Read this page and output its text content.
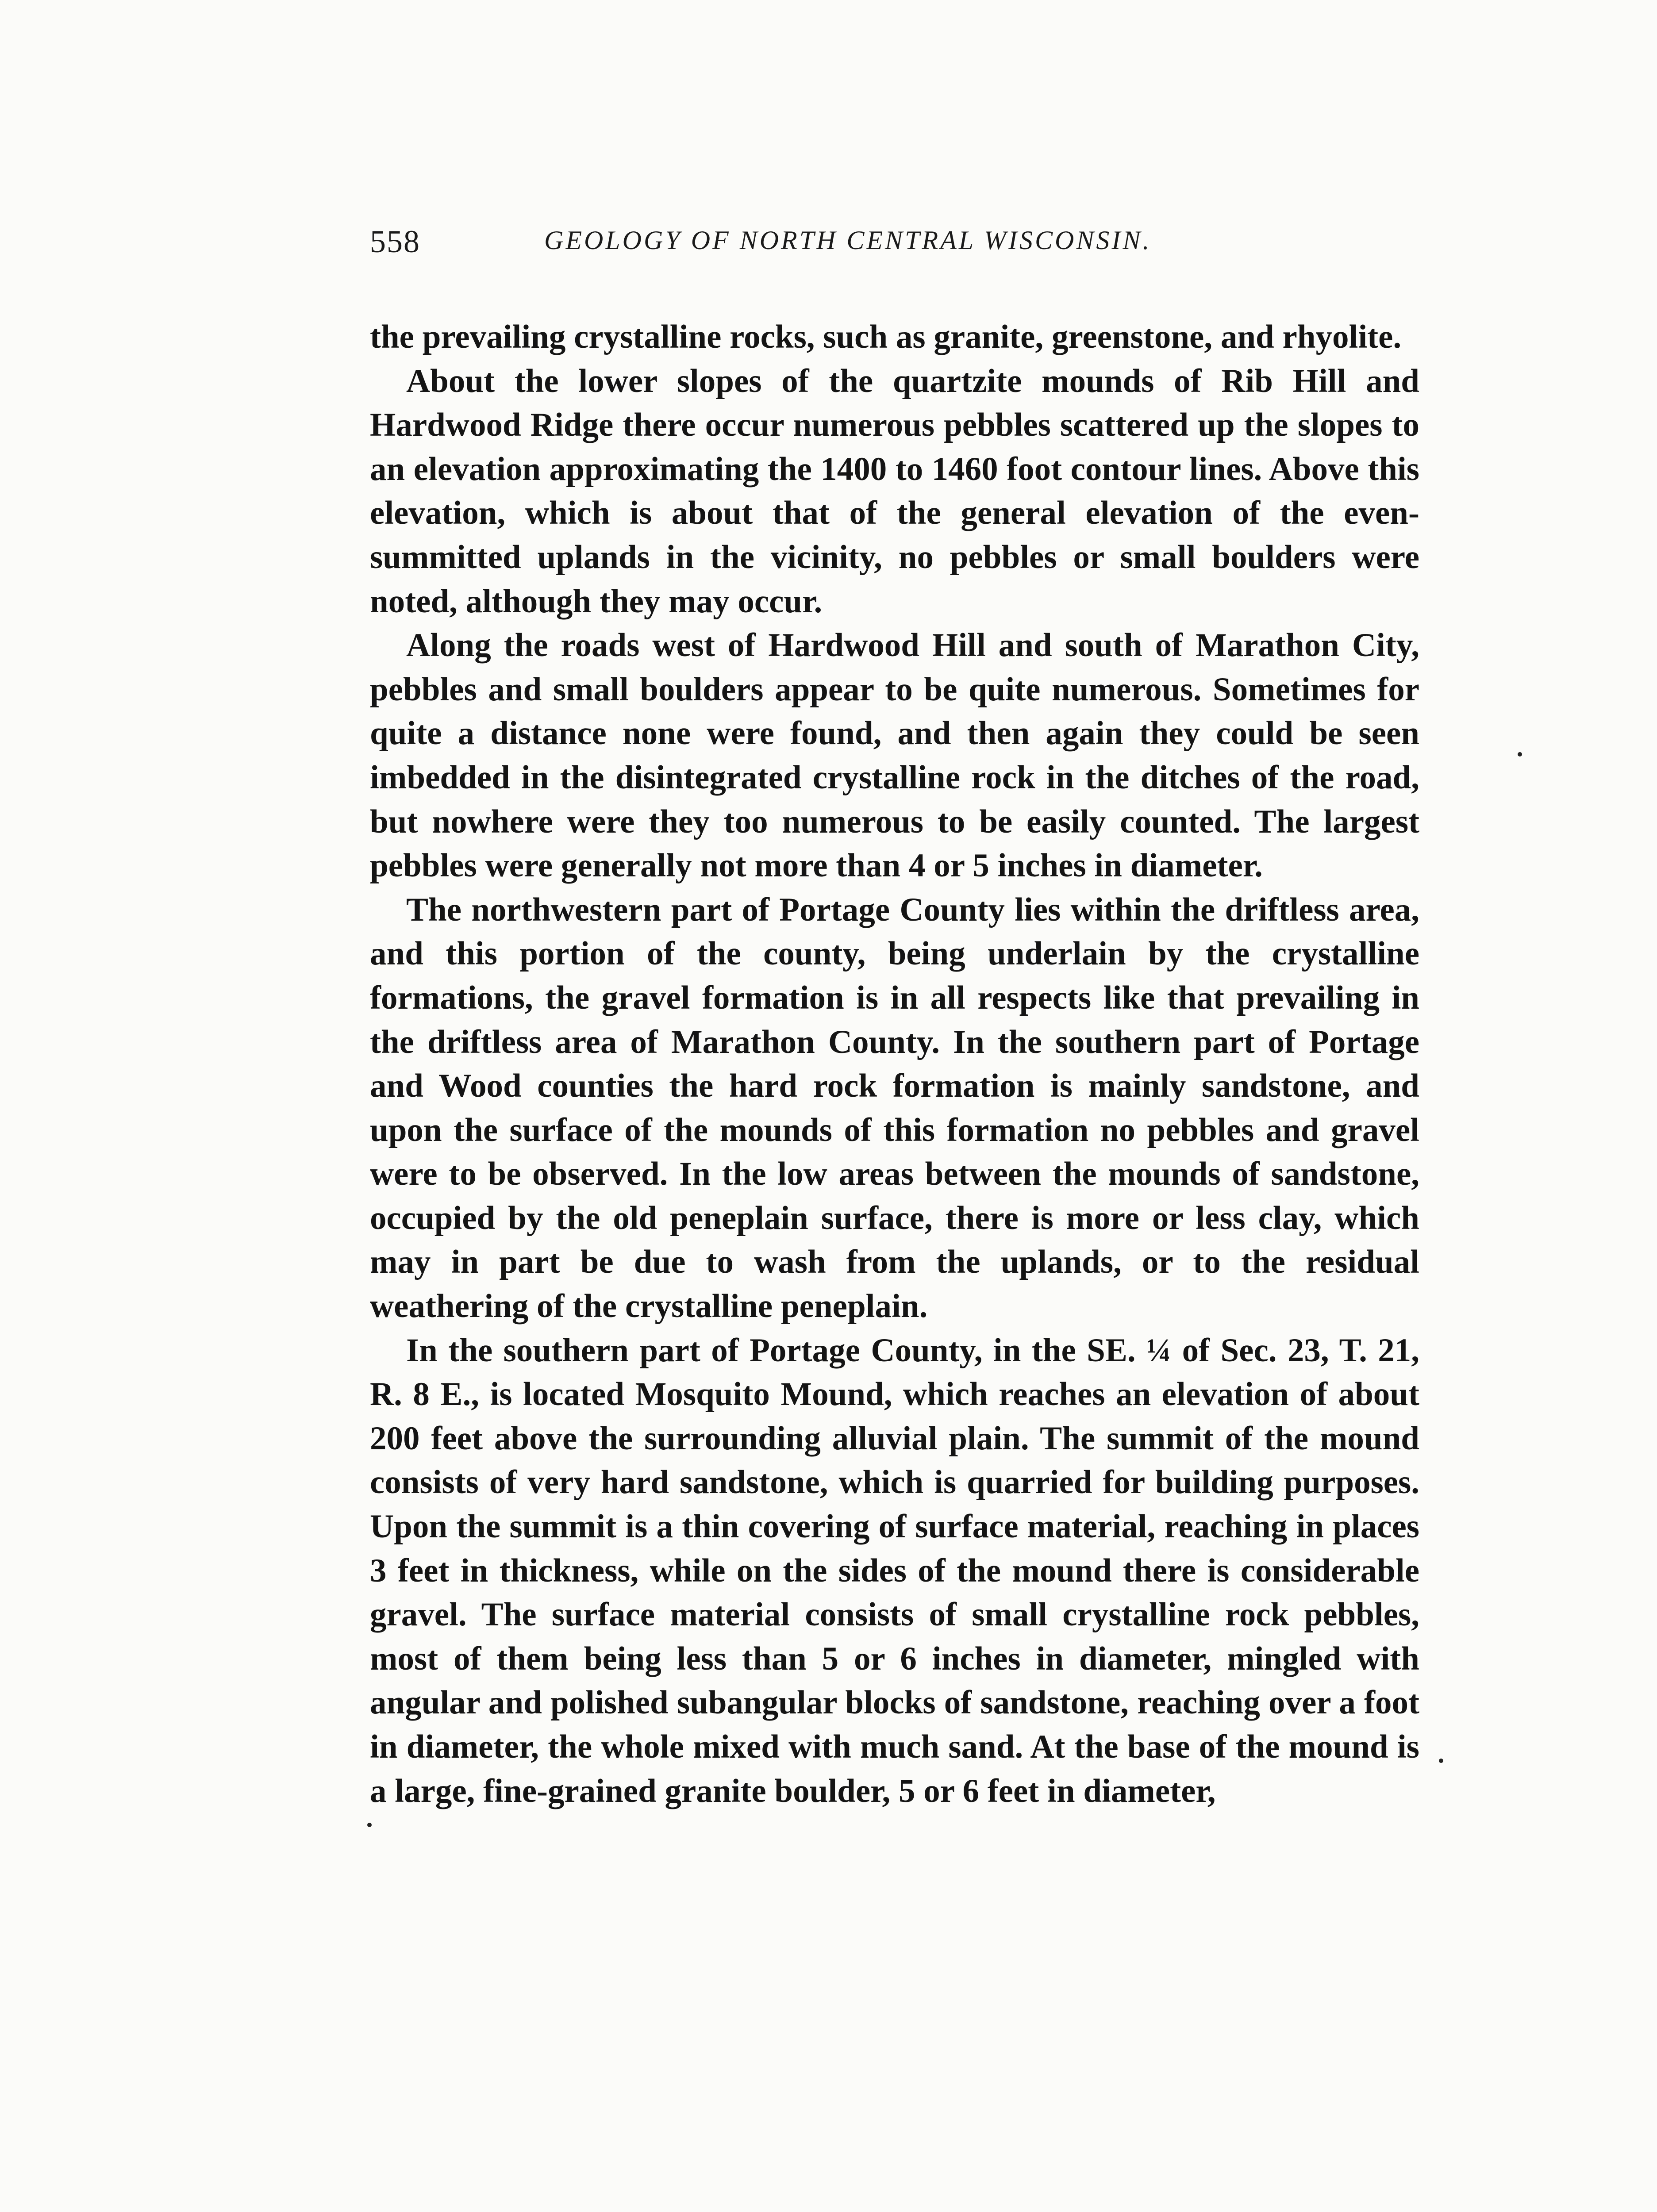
558	GEOLOGY OF NORTH CENTRAL WISCONSIN.

the prevailing crystalline rocks, such as granite, greenstone, and rhyolite.

About the lower slopes of the quartzite mounds of Rib Hill and Hardwood Ridge there occur numerous pebbles scattered up the slopes to an elevation approximating the 1400 to 1460 foot contour lines. Above this elevation, which is about that of the general elevation of the even-summitted uplands in the vicinity, no pebbles or small boulders were noted, although they may occur.

Along the roads west of Hardwood Hill and south of Marathon City, pebbles and small boulders appear to be quite numerous. Sometimes for quite a distance none were found, and then again they could be seen imbedded in the disintegrated crystalline rock in the ditches of the road, but nowhere were they too numerous to be easily counted. The largest pebbles were generally not more than 4 or 5 inches in diameter.

The northwestern part of Portage County lies within the driftless area, and this portion of the county, being underlain by the crystalline formations, the gravel formation is in all respects like that prevailing in the driftless area of Marathon County. In the southern part of Portage and Wood counties the hard rock formation is mainly sandstone, and upon the surface of the mounds of this formation no pebbles and gravel were to be observed. In the low areas between the mounds of sandstone, occupied by the old peneplain surface, there is more or less clay, which may in part be due to wash from the uplands, or to the residual weathering of the crystalline peneplain.

In the southern part of Portage County, in the SE. ¼ of Sec. 23, T. 21, R. 8 E., is located Mosquito Mound, which reaches an elevation of about 200 feet above the surrounding alluvial plain. The summit of the mound consists of very hard sandstone, which is quarried for building purposes. Upon the summit is a thin covering of surface material, reaching in places 3 feet in thickness, while on the sides of the mound there is considerable gravel. The surface material consists of small crystalline rock pebbles, most of them being less than 5 or 6 inches in diameter, mingled with angular and polished subangular blocks of sandstone, reaching over a foot in diameter, the whole mixed with much sand. At the base of the mound is a large, fine-grained granite boulder, 5 or 6 feet in diameter,
